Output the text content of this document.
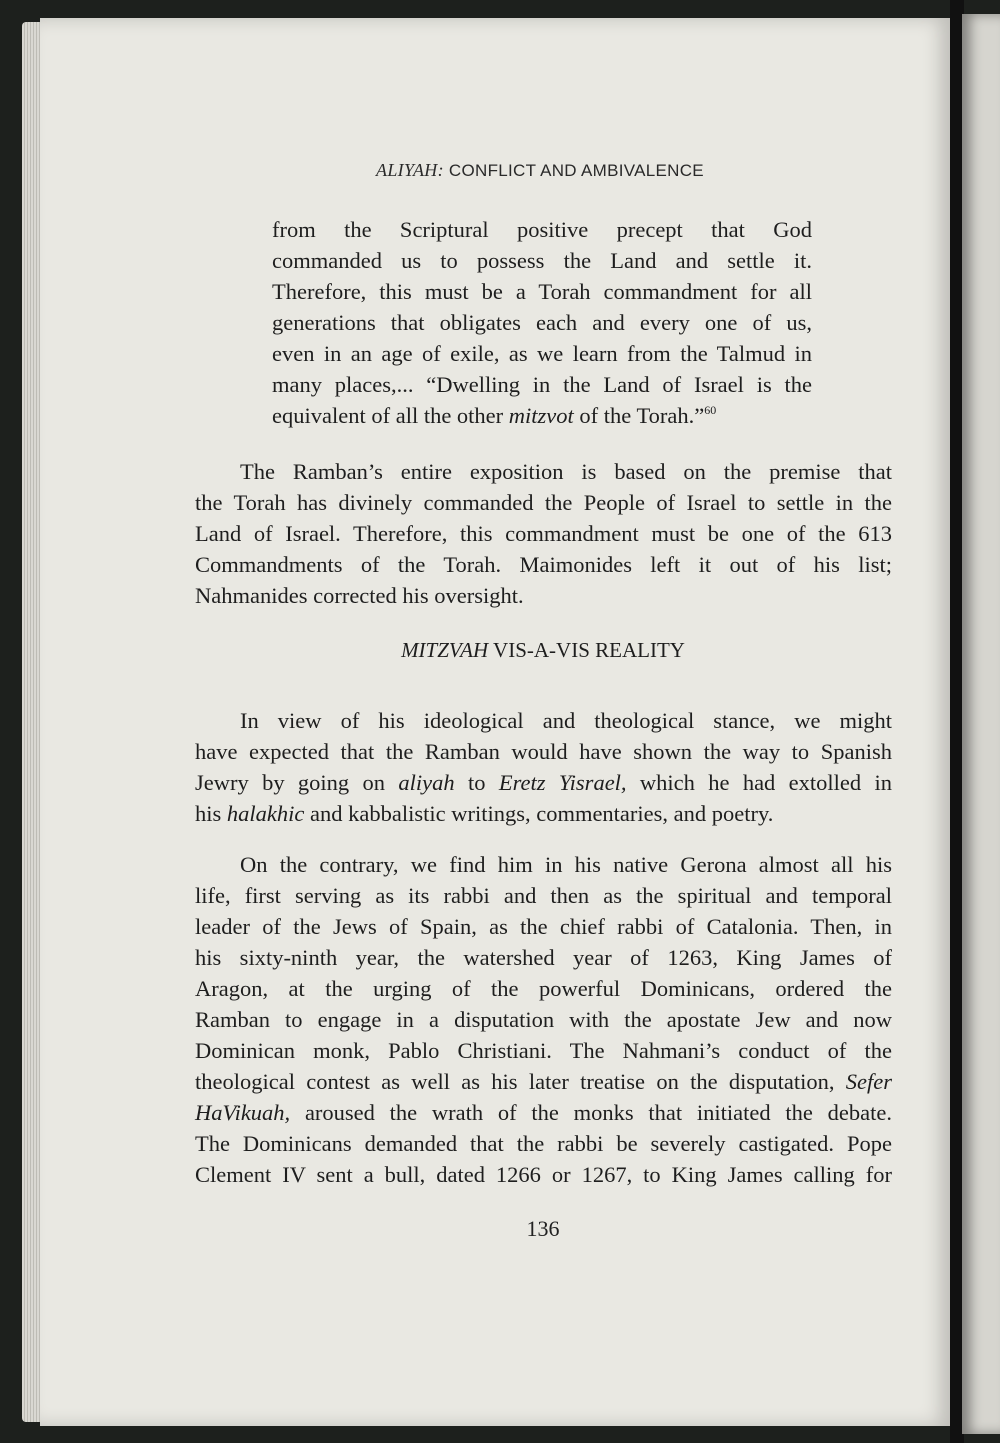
ALIYAH: CONFLICT AND AMBIVALENCE
from the Scriptural positive precept that God
commanded us to possess the Land and settle it.
Therefore, this must be a Torah commandment for all
generations that obligates each and every one of us,
even in an age of exile, as we learn from the Talmud in
many places,... “Dwelling in the Land of Israel is the
equivalent of all the other mitzvot of the Torah.”$^{60}$
  The Ramban’s entire exposition is based on the premise that
the Torah has divinely commanded the People of Israel to settle in the
Land of Israel. Therefore, this commandment must be one of the 613
Commandments of the Torah. Maimonides left it out of his list;
Nahmanides corrected his oversight.
  In view of his ideological and theological stance, we might
have expected that the Ramban would have shown the way to Spanish
Jewry by going on aliyah to Eretz Yisrael, which he had extolled in
his halakhic and kabbalistic writings, commentaries, and poetry.
  On the contrary, we find him in his native Gerona almost all his
life, first serving as its rabbi and then as the spiritual and temporal
leader of the Jews of Spain, as the chief rabbi of Catalonia. Then, in
his sixty-ninth year, the watershed year of 1263, King James of
Aragon, at the urging of the powerful Dominicans, ordered the
Ramban to engage in a disputation with the apostate Jew and now
Dominican monk, Pablo Christiani. The Nahmani’s conduct of the
theological contest as well as his later treatise on the disputation, Sefer
HaVikuah, aroused the wrath of the monks that initiated the debate.
The Dominicans demanded that the rabbi be severely castigated. Pope
Clement IV sent a bull, dated 1266 or 1267, to King James calling for
MITZVAH VIS-A-VIS REALITY
136
